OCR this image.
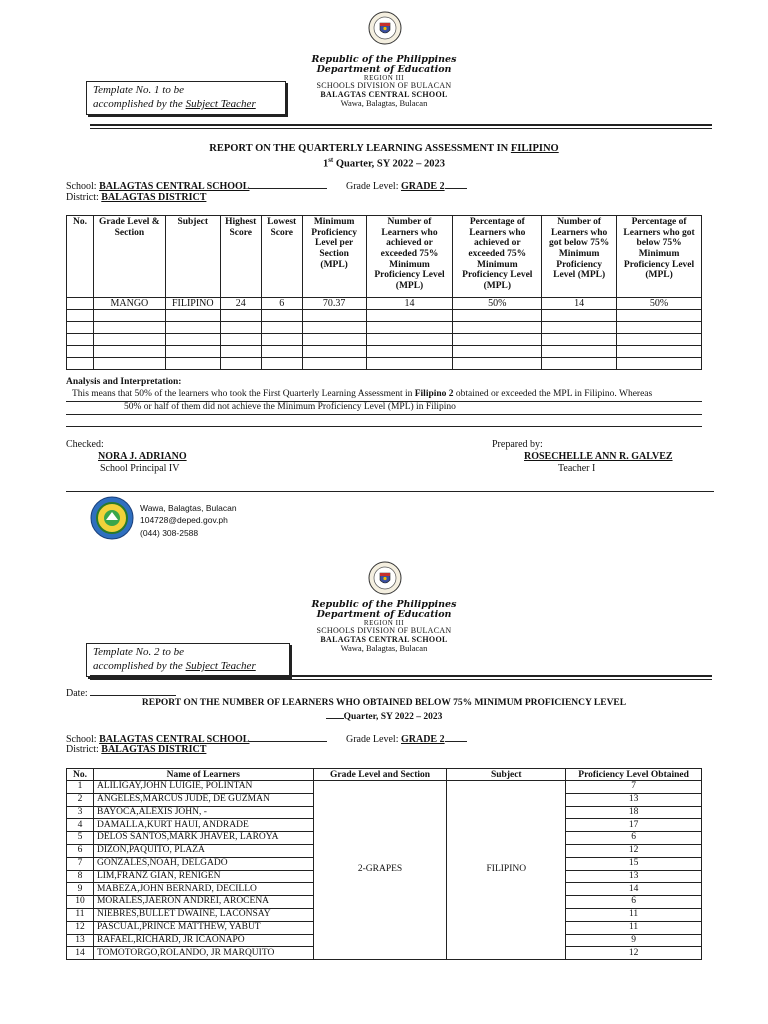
Republic of the Philippines
Department of Education
REGION III
SCHOOLS DIVISION OF BULACAN
BALAGTAS CENTRAL SCHOOL
Wawa, Balagtas, Bulacan
Template No. 1 to be
accomplished by the Subject Teacher
REPORT ON THE QUARTERLY LEARNING ASSESSMENT IN FILIPINO
1st Quarter, SY 2022 – 2023
School: BALAGTAS CENTRAL SCHOOL	Grade Level: GRADE 2
District: BALAGTAS DISTRICT
No.	Grade Level & Section	Subject	Highest Score	Lowest Score	Minimum Proficiency Level per Section (MPL)	Number of Learners who achieved or exceeded 75% Minimum Proficiency Level (MPL)	Percentage of Learners who achieved or exceeded 75% Minimum Proficiency Level (MPL)	Number of Learners who got below 75% Minimum Proficiency Level (MPL)	Percentage of Learners who got below 75% Minimum Proficiency Level (MPL)
	MANGO	FILIPINO	24	6	70.37	14	50%	14	50%

Analysis and Interpretation:
This means that 50% of the learners who took the First Quarterly Learning Assessment in Filipino 2 obtained or exceeded the MPL in Filipino. Whereas
50% or half of them did not achieve the Minimum Proficiency Level (MPL) in Filipino
Checked:
NORA J. ADRIANO
School Principal IV
Prepared by:
ROSECHELLE ANN R. GALVEZ
Teacher I
Wawa, Balagtas, Bulacan
104728@deped.gov.ph
(044) 308-2588
Republic of the Philippines
Department of Education
REGION III
SCHOOLS DIVISION OF BULACAN
BALAGTAS CENTRAL SCHOOL
Wawa, Balagtas, Bulacan
Template No. 2 to be
accomplished by the Subject Teacher
Date:
REPORT ON THE NUMBER OF LEARNERS WHO OBTAINED BELOW 75% MINIMUM PROFICIENCY LEVEL
Quarter, SY 2022 – 2023
School: BALAGTAS CENTRAL SCHOOL	Grade Level: GRADE 2
District: BALAGTAS DISTRICT
No.	Name of Learners	Grade Level and Section	Subject	Proficiency Level Obtained
1	ALILIGAY,JOHN LUIGIE, POLINTAN	2-GRAPES	FILIPINO	7
2	ANGELES,MARCUS JUDE, DE GUZMAN			13
3	BAYOCA,ALEXIS JOHN, -			18
4	DAMALLA,KURT HAUI, ANDRADE			17
5	DELOS SANTOS,MARK JHAVER, LAROYA			6
6	DIZON,PAQUITO, PLAZA			12
7	GONZALES,NOAH, DELGADO			15
8	LIM,FRANZ GIAN, RENIGEN			13
9	MABEZA,JOHN BERNARD, DECILLO			14
10	MORALES,JAERON ANDREI, AROCENA			6
11	NIEBRES,BULLET DWAINE, LACONSAY			11
12	PASCUAL,PRINCE MATTHEW, YABUT			11
13	RAFAEL,RICHARD, JR ICAONAPO			9
14	TOMOTORGO,ROLANDO, JR MARQUITO			12
